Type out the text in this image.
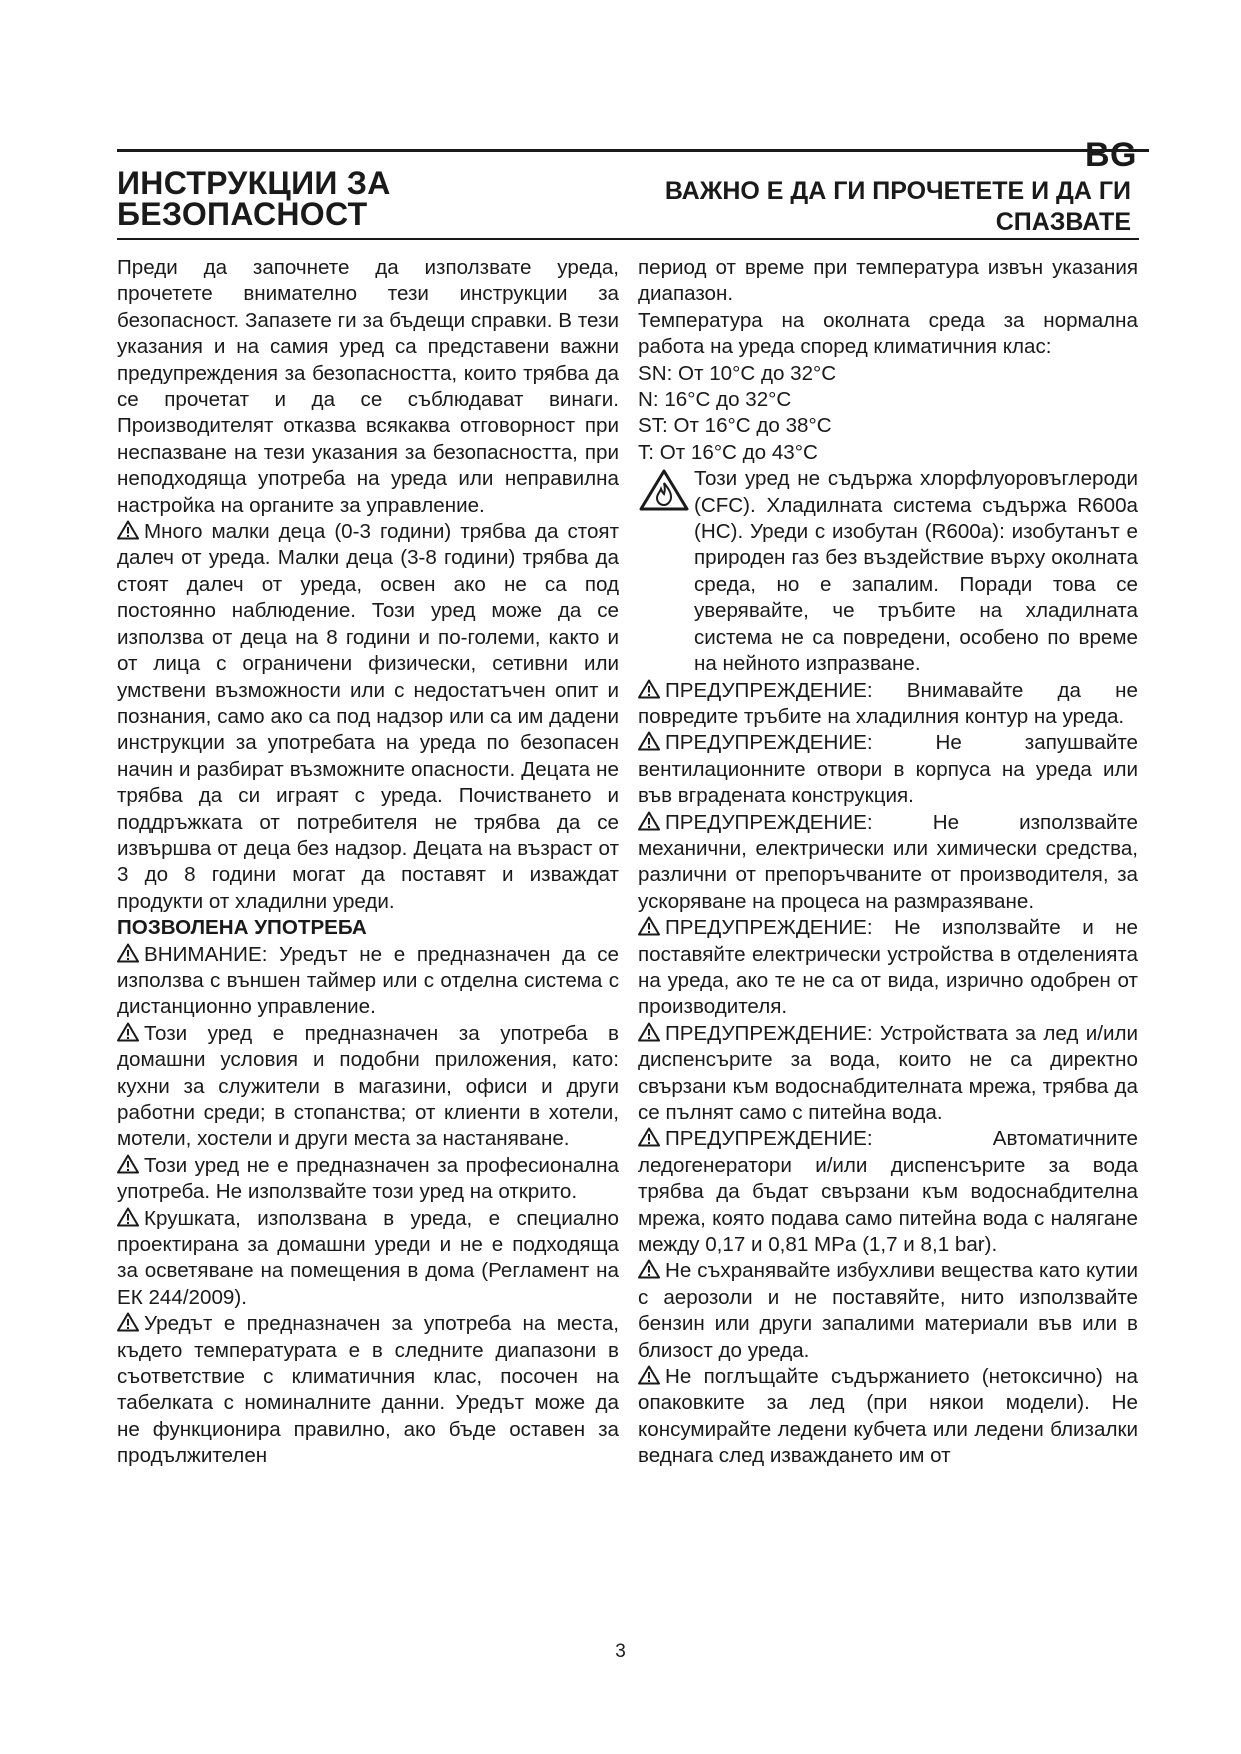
BG
ИНСТРУКЦИИ ЗА БЕЗОПАСНОСТ
ВАЖНО Е ДА ГИ ПРОЧЕТЕТЕ И ДА ГИ СПАЗВАТЕ

Преди да започнете да използвате уреда, прочетете внимателно тези инструкции за безопасност. Запазете ги за бъдещи справки. В тези указания и на самия уред са представени важни предупреждения за безопасността, които трябва да се прочетат и да се съблюдават винаги. Производителят отказва всякаква отговорност при неспазване на тези указания за безопасността, при неподходяща употреба на уреда или неправилна настройка на органите за управление.

Много малки деца (0-3 години) трябва да стоят далеч от уреда. Малки деца (3-8 години) трябва да стоят далеч от уреда, освен ако не са под постоянно наблюдение. Този уред може да се използва от деца на 8 години и по-големи, както и от лица с ограничени физически, сетивни или умствени възможности или с недостатъчен опит и познания, само ако са под надзор или са им дадени инструкции за употребата на уреда по безопасен начин и разбират възможните опасности. Децата не трябва да си играят с уреда. Почистването и поддръжката от потребителя не трябва да се извършва от деца без надзор. Децата на възраст от 3 до 8 години могат да поставят и изваждат продукти от хладилни уреди.

ПОЗВОЛЕНА УПОТРЕБА

ВНИМАНИЕ: Уредът не е предназначен да се използва с външен таймер или с отделна система с дистанционно управление.

Този уред е предназначен за употреба в домашни условия и подобни приложения, като: кухни за служители в магазини, офиси и други работни среди; в стопанства; от клиенти в хотели, мотели, хостели и други места за настаняване.

Този уред не е предназначен за професионална употреба. Не използвайте този уред на открито.

Крушката, използвана в уреда, е специално проектирана за домашни уреди и не е подходяща за осветяване на помещения в дома (Регламент на ЕК 244/2009).

Уредът е предназначен за употреба на места, където температурата е в следните диапазони в съответствие с климатичния клас, посочен на табелката с номиналните данни. Уредът може да не функционира правилно, ако бъде оставен за продължителен

период от време при температура извън указания диапазон.

Температура на околната среда за нормална работа на уреда според климатичния клас:

SN: От 10°C до 32°C

N: 16°C до 32°C

ST: От 16°C до 38°C

T: От 16°C до 43°C

Този уред не съдържа хлорфлуоровъглероди (CFC). Хладилната система съдържа R600a (HC). Уреди с изобутан (R600a): изобутанът е природен газ без въздействие върху околната среда, но е запалим. Поради това се уверявайте, че тръбите на хладилната система не са повредени, особено по време на нейното изпразване.

ПРЕДУПРЕЖДЕНИЕ: Внимавайте да не повредите тръбите на хладилния контур на уреда.

ПРЕДУПРЕЖДЕНИЕ: Не запушвайте вентилационните отвори в корпуса на уреда или във вградената конструкция.

ПРЕДУПРЕЖДЕНИЕ: Не използвайте механични, електрически или химически средства, различни от препоръчваните от производителя, за ускоряване на процеса на размразяване.

ПРЕДУПРЕЖДЕНИЕ: Не използвайте и не поставяйте електрически устройства в отделенията на уреда, ако те не са от вида, изрично одобрен от производителя.

ПРЕДУПРЕЖДЕНИЕ: Устройствата за лед и/или диспенсърите за вода, които не са директно свързани към водоснабдителната мрежа, трябва да се пълнят само с питейна вода.

ПРЕДУПРЕЖДЕНИЕ: Автоматичните ледогенератори и/или диспенсърите за вода трябва да бъдат свързани към водоснабдителна мрежа, която подава само питейна вода с налягане между 0,17 и 0,81 MPa (1,7 и 8,1 bar).

Не съхранявайте избухливи вещества като кутии с аерозоли и не поставяйте, нито използвайте бензин или други запалими материали във или в близост до уреда.

Не поглъщайте съдържанието (нетоксично) на опаковките за лед (при някои модели). Не консумирайте ледени кубчета или ледени близалки веднага след изваждането им от

3
